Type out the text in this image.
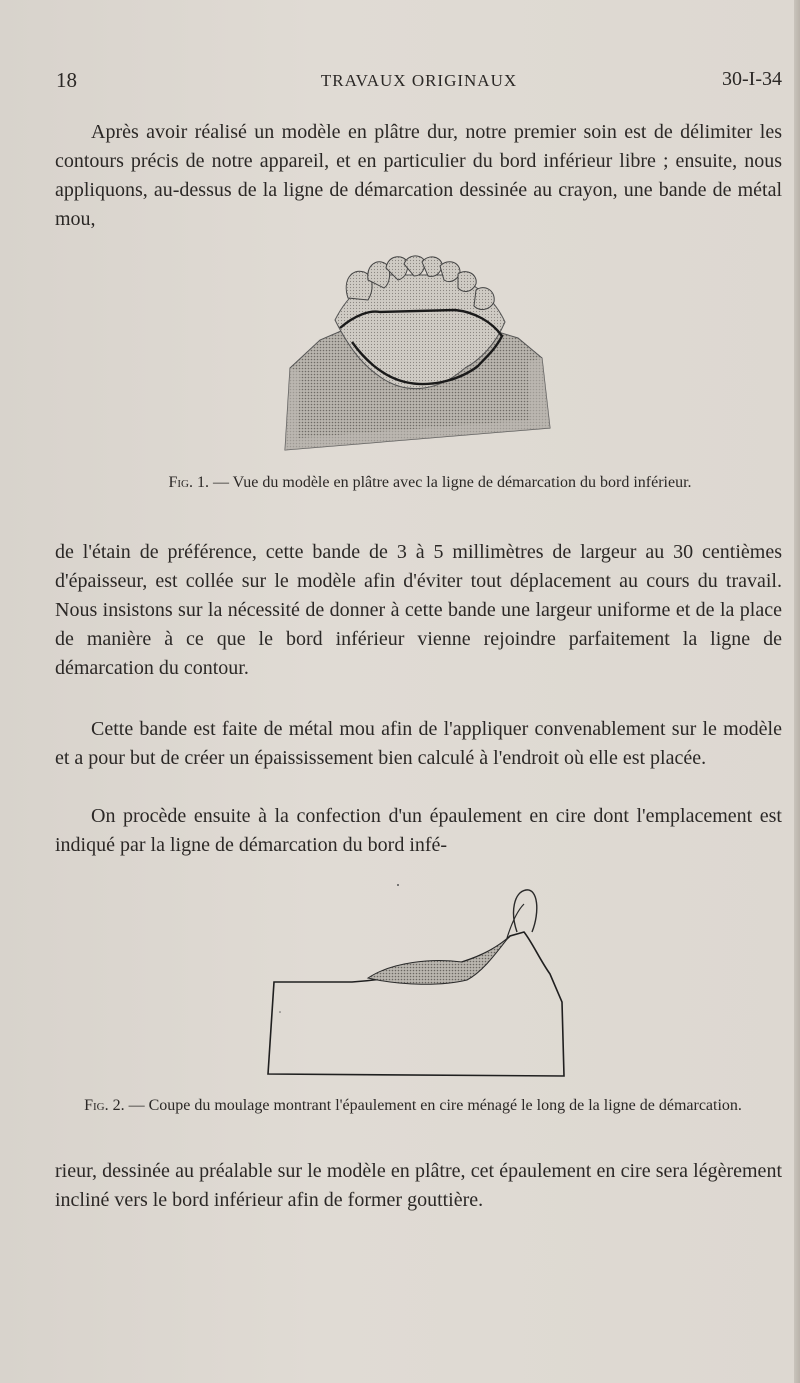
18	TRAVAUX ORIGINAUX	30-I-34

Après avoir réalisé un modèle en plâtre dur, notre premier soin est de délimiter les contours précis de notre appareil, et en particulier du bord inférieur libre ; ensuite, nous appliquons, au-dessus de la ligne de démarcation dessinée au crayon, une bande de métal mou,

Fig. 1. — Vue du modèle en plâtre avec la ligne de démarcation du bord inférieur.

de l'étain de préférence, cette bande de 3 à 5 millimètres de largeur au 30 centièmes d'épaisseur, est collée sur le modèle afin d'éviter tout déplacement au cours du travail. Nous insistons sur la nécessité de donner à cette bande une largeur uniforme et de la place de manière à ce que le bord inférieur vienne rejoindre parfaitement la ligne de démarcation du contour.

Cette bande est faite de métal mou afin de l'appliquer convenablement sur le modèle et a pour but de créer un épaississement bien calculé à l'endroit où elle est placée.

On procède ensuite à la confection d'un épaulement en cire dont l'emplacement est indiqué par la ligne de démarcation du bord infé-

Fig. 2. — Coupe du moulage montrant l'épaulement en cire ménagé le long de la ligne de démarcation.

rieur, dessinée au préalable sur le modèle en plâtre, cet épaulement en cire sera légèrement incliné vers le bord inférieur afin de former gouttière.
